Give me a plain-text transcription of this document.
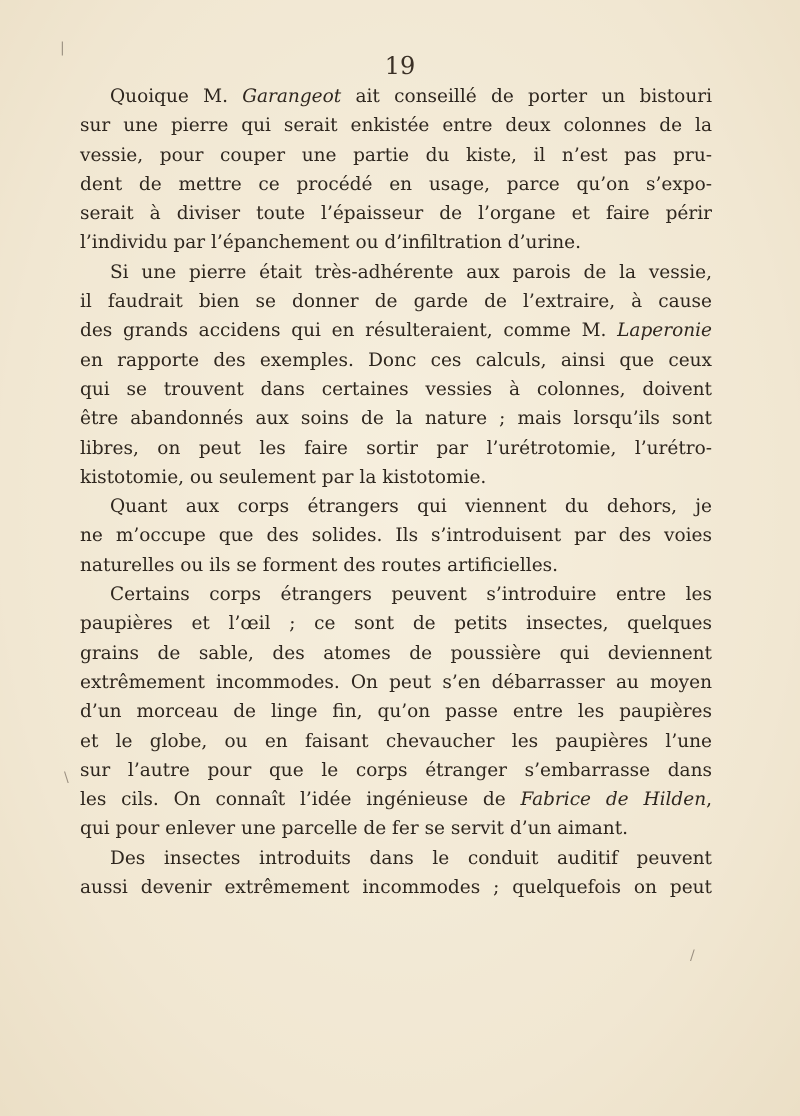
19
Quoique M. Garangeot ait conseillé de porter un bistouri
sur une pierre qui serait enkistée entre deux colonnes de la
vessie, pour couper une partie du kiste, il n’est pas pru-
dent de mettre ce procédé en usage, parce qu’on s’expo-
serait à diviser toute l’épaisseur de l’organe et faire périr
l’individu par l’épanchement ou d’infiltration d’urine.
Si une pierre était très-adhérente aux parois de la vessie,
il faudrait bien se donner de garde de l’extraire, à cause
des grands accidens qui en résulteraient, comme M. Laperonie
en rapporte des exemples. Donc ces calculs, ainsi que ceux
qui se trouvent dans certaines vessies à colonnes, doivent
être abandonnés aux soins de la nature ; mais lorsqu’ils sont
libres, on peut les faire sortir par l’urétrotomie, l’urétro-
kistotomie, ou seulement par la kistotomie.
Quant aux corps étrangers qui viennent du dehors, je
ne m’occupe que des solides. Ils s’introduisent par des voies
naturelles ou ils se forment des routes artificielles.
Certains corps étrangers peuvent s’introduire entre les
paupières et l’œil ; ce sont de petits insectes, quelques
grains de sable, des atomes de poussière qui deviennent
extrêmement incommodes. On peut s’en débarrasser au moyen
d’un morceau de linge fin, qu’on passe entre les paupières
et le globe, ou en faisant chevaucher les paupières l’une
sur l’autre pour que le corps étranger s’embarrasse dans
les cils. On connaît l’idée ingénieuse de Fabrice de Hilden,
qui pour enlever une parcelle de fer se servit d’un aimant.
Des insectes introduits dans le conduit auditif peuvent
aussi devenir extrêmement incommodes ; quelquefois on peut
|
\
/
